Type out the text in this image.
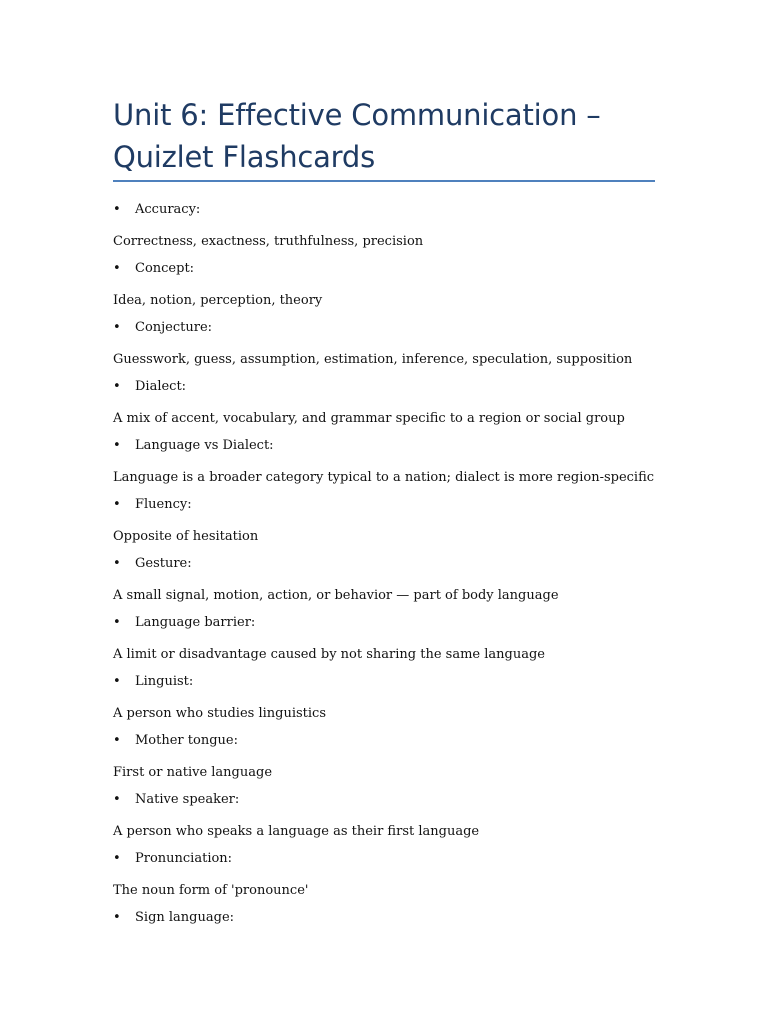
Unit 6: Effective Communication – Quizlet Flashcards
• Accuracy:
Correctness, exactness, truthfulness, precision
• Concept:
Idea, notion, perception, theory
• Conjecture:
Guesswork, guess, assumption, estimation, inference, speculation, supposition
• Dialect:
A mix of accent, vocabulary, and grammar specific to a region or social group
• Language vs Dialect:
Language is a broader category typical to a nation; dialect is more region-specific
• Fluency:
Opposite of hesitation
• Gesture:
A small signal, motion, action, or behavior — part of body language
• Language barrier:
A limit or disadvantage caused by not sharing the same language
• Linguist:
A person who studies linguistics
• Mother tongue:
First or native language
• Native speaker:
A person who speaks a language as their first language
• Pronunciation:
The noun form of 'pronounce'
• Sign language:
